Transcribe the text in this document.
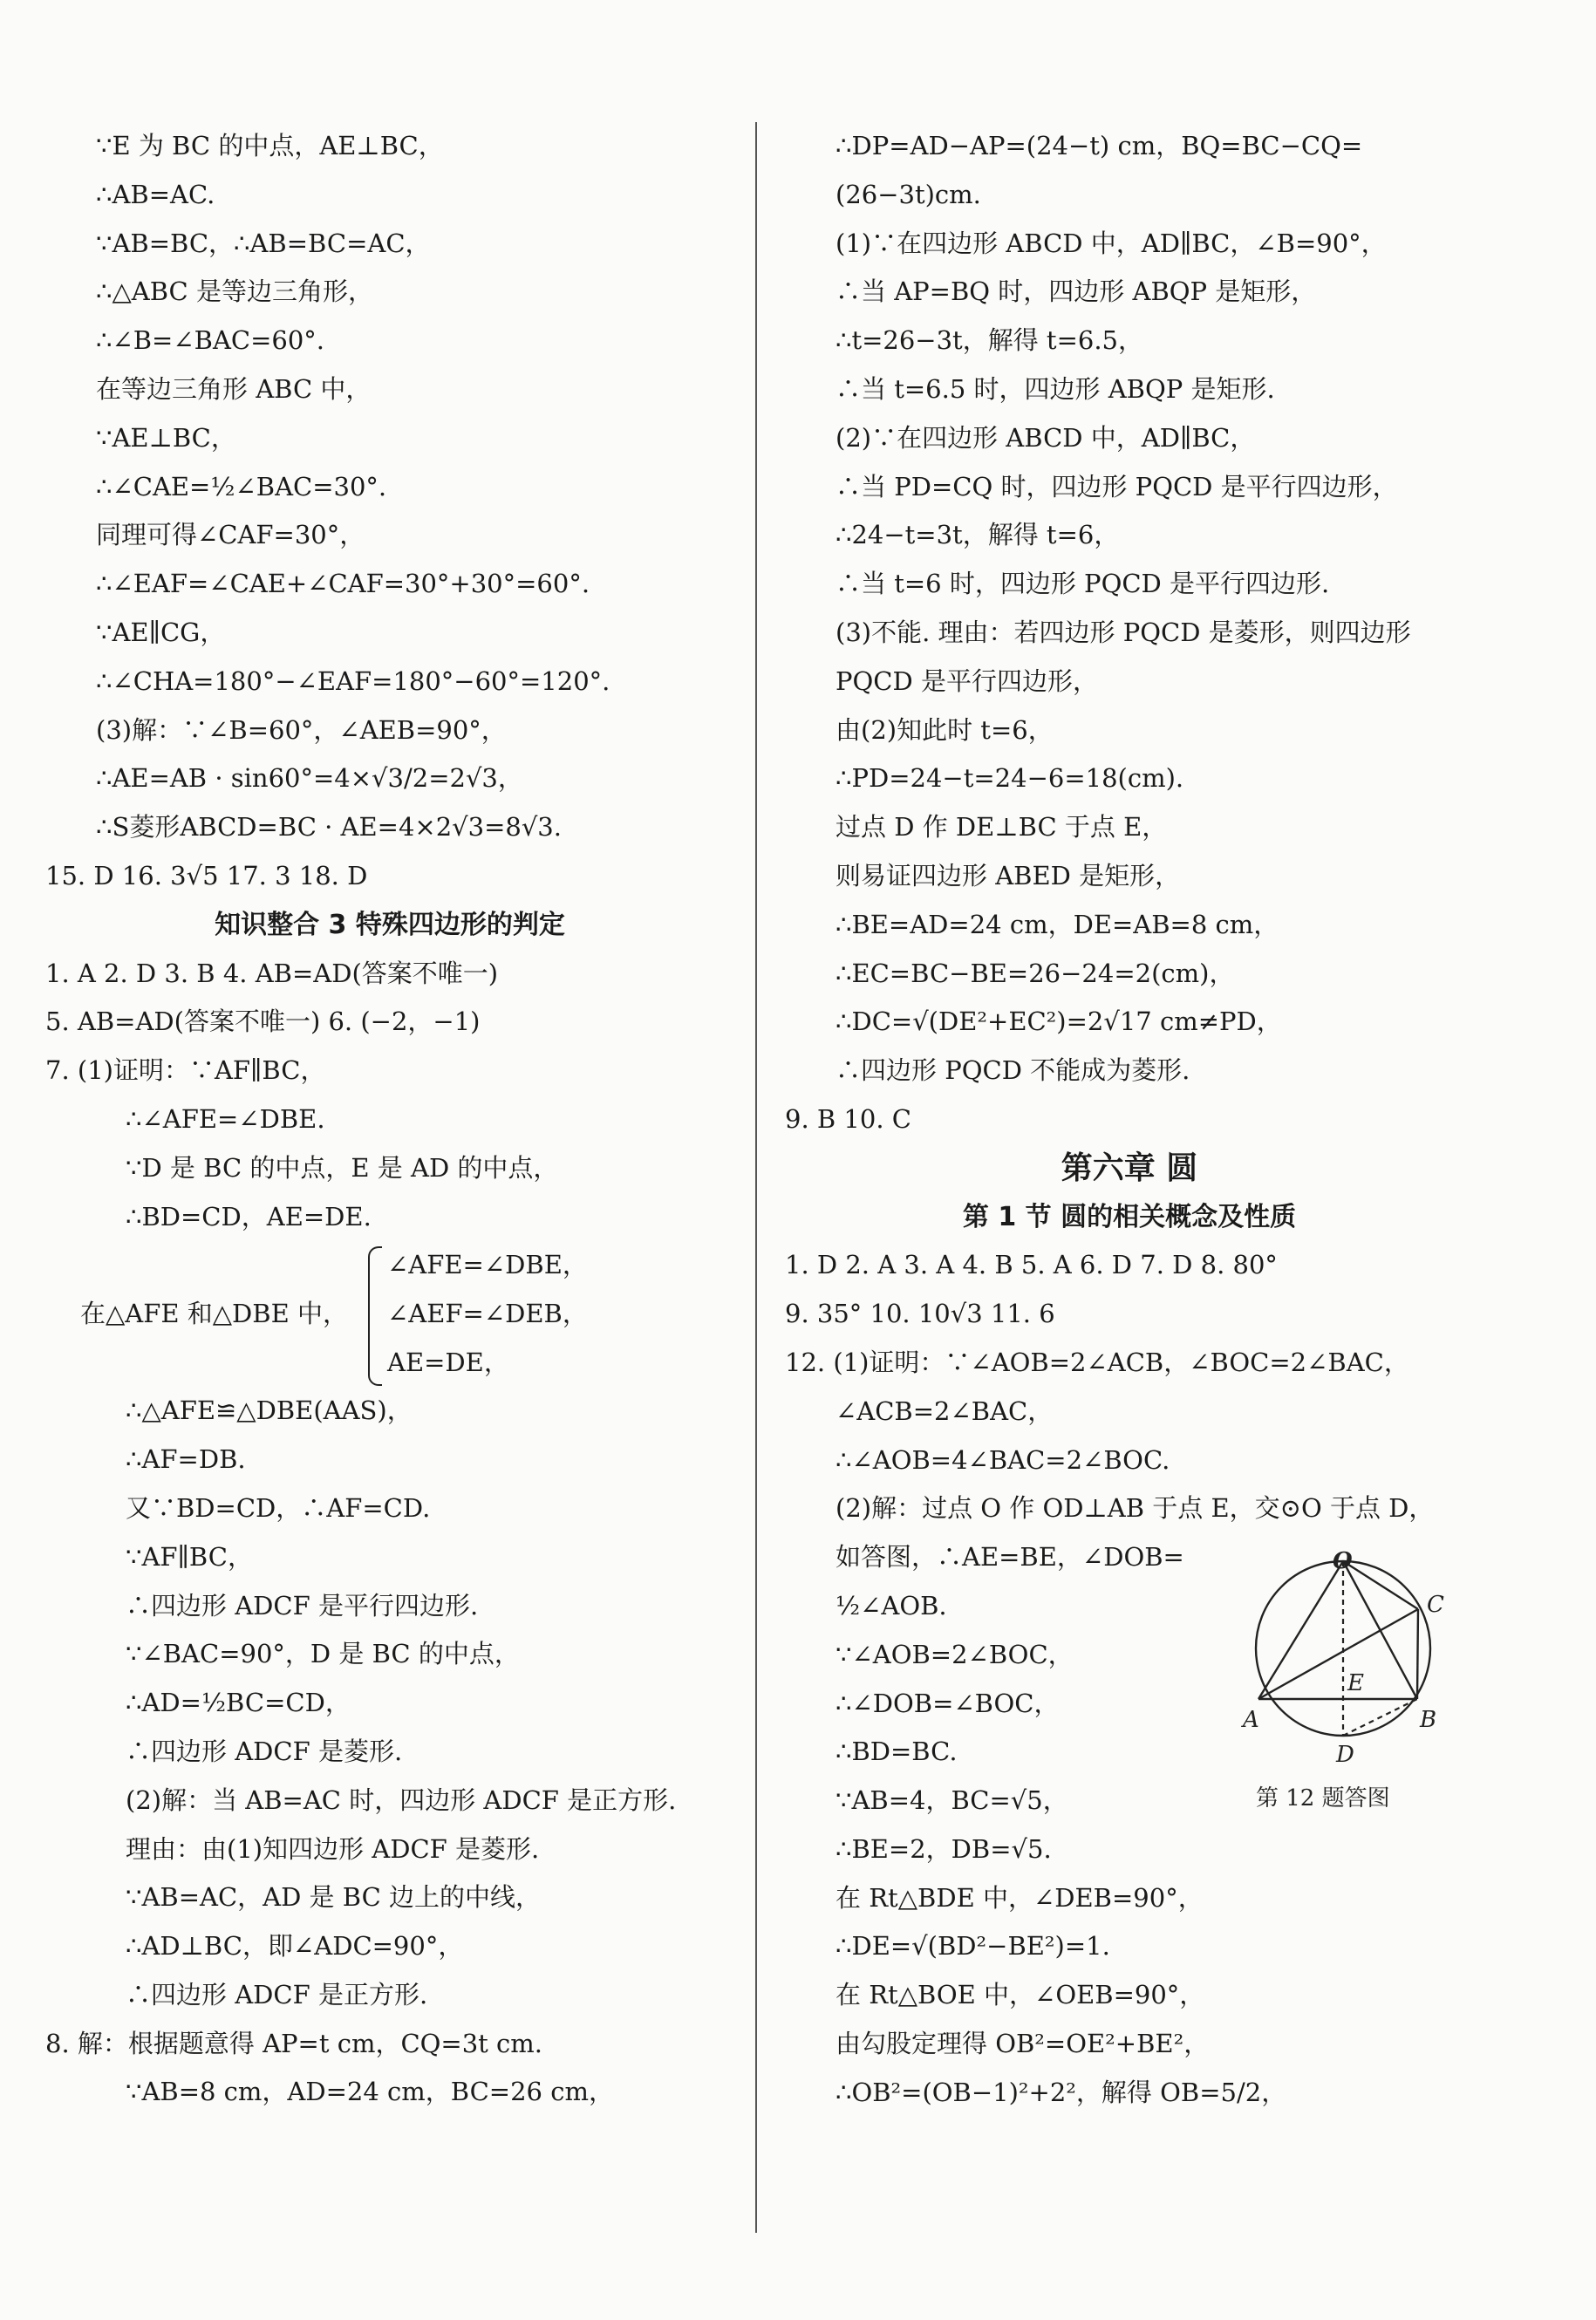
∵E 为 BC 的中点，AE⊥BC，
∴AB=AC.
∵AB=BC，∴AB=BC=AC，
∴△ABC 是等边三角形，
∴∠B=∠BAC=60°.
在等边三角形 ABC 中，
∵AE⊥BC，
∴∠CAE=½∠BAC=30°.
同理可得∠CAF=30°，
∴∠EAF=∠CAE+∠CAF=30°+30°=60°.
∵AE∥CG，
∴∠CHA=180°−∠EAF=180°−60°=120°.
(3)解：∵∠B=60°，∠AEB=90°，
∴AE=AB · sin60°=4×√3/2=2√3，
∴S菱形ABCD=BC · AE=4×2√3=8√3.
15. D 16. 3√5 17. 3 18. D
知识整合 3 特殊四边形的判定
1. A 2. D 3. B 4. AB=AD(答案不唯一)
5. AB=AD(答案不唯一) 6. (−2，−1)
7. (1)证明：∵AF∥BC，
∴∠AFE=∠DBE.
∵D 是 BC 的中点，E 是 AD 的中点，
∴BD=CD，AE=DE.
在△AFE 和△DBE 中，
∠AFE=∠DBE，
∠AEF=∠DEB，
AE=DE，
∴△AFE≌△DBE(AAS)，
∴AF=DB.
又∵BD=CD，∴AF=CD.
∵AF∥BC，
∴四边形 ADCF 是平行四边形.
∵∠BAC=90°，D 是 BC 的中点，
∴AD=½BC=CD，
∴四边形 ADCF 是菱形.
(2)解：当 AB=AC 时，四边形 ADCF 是正方形.
理由：由(1)知四边形 ADCF 是菱形.
∵AB=AC，AD 是 BC 边上的中线，
∴AD⊥BC，即∠ADC=90°，
∴四边形 ADCF 是正方形.
8. 解：根据题意得 AP=t cm，CQ=3t cm.
∵AB=8 cm，AD=24 cm，BC=26 cm，
∴DP=AD−AP=(24−t) cm，BQ=BC−CQ=
(26−3t)cm.
(1)∵在四边形 ABCD 中，AD∥BC，∠B=90°，
∴当 AP=BQ 时，四边形 ABQP 是矩形，
∴t=26−3t，解得 t=6.5，
∴当 t=6.5 时，四边形 ABQP 是矩形.
(2)∵在四边形 ABCD 中，AD∥BC，
∴当 PD=CQ 时，四边形 PQCD 是平行四边形，
∴24−t=3t，解得 t=6，
∴当 t=6 时，四边形 PQCD 是平行四边形.
(3)不能. 理由：若四边形 PQCD 是菱形，则四边形
PQCD 是平行四边形，
由(2)知此时 t=6，
∴PD=24−t=24−6=18(cm).
过点 D 作 DE⊥BC 于点 E，
则易证四边形 ABED 是矩形，
∴BE=AD=24 cm，DE=AB=8 cm，
∴EC=BC−BE=26−24=2(cm)，
∴DC=√(DE²+EC²)=2√17 cm≠PD，
∴四边形 PQCD 不能成为菱形.
9. B 10. C
第六章 圆
第 1 节 圆的相关概念及性质
1. D 2. A 3. A 4. B 5. A 6. D 7. D 8. 80°
9. 35° 10. 10√3 11. 6
12. (1)证明：∵∠AOB=2∠ACB，∠BOC=2∠BAC，
∠ACB=2∠BAC，
∴∠AOB=4∠BAC=2∠BOC.
(2)解：过点 O 作 OD⊥AB 于点 E，交⊙O 于点 D，
如答图，∴AE=BE，∠DOB=
½∠AOB.
∵∠AOB=2∠BOC，
∴∠DOB=∠BOC，
∴BD=BC.
∵AB=4，BC=√5，
∴BE=2，DB=√5.
在 Rt△BDE 中，∠DEB=90°，
∴DE=√(BD²−BE²)=1.
在 Rt△BOE 中，∠OEB=90°，
由勾股定理得 OB²=OE²+BE²，
∴OB²=(OB−1)²+2²，解得 OB=5/2，
O
C
A
E
B
D
第 12 题答图
